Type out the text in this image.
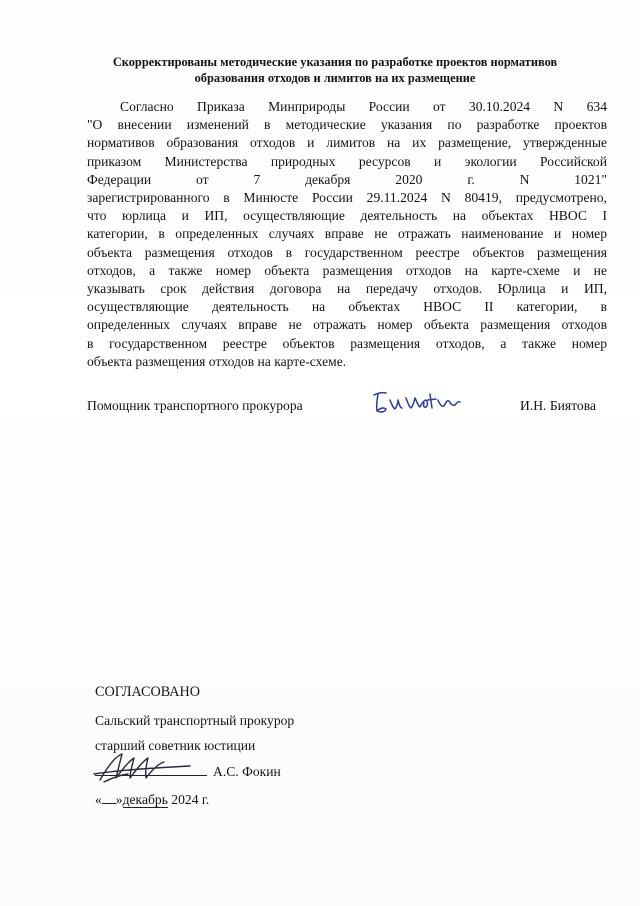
Скорректированы методические указания по разработке проектов нормативов
образования отходов и лимитов на их размещение
Согласно Приказа Минприроды России от 30.10.2024 N 634
"О внесении изменений в методические указания по разработке проектов
нормативов образования отходов и лимитов на их размещение, утвержденные
приказом Министерства природных ресурсов и экологии Российской
Федерации от 7 декабря 2020 г. N 1021"
зарегистрированного в Минюсте России 29.11.2024 N 80419, предусмотрено,
что юрлица и ИП, осуществляющие деятельность на объектах НВОС I
категории, в определенных случаях вправе не отражать наименование и номер
объекта размещения отходов в государственном реестре объектов размещения
отходов, а также номер объекта размещения отходов на карте-схеме и не
указывать срок действия договора на передачу отходов. Юрлица и ИП,
осуществляющие деятельность на объектах НВОС II категории, в
определенных случаях вправе не отражать номер объекта размещения отходов
в государственном реестре объектов размещения отходов, а также номер
объекта размещения отходов на карте-схеме.
Помощник транспортного прокурора	И.Н. Биятова
СОГЛАСОВАНО
Сальский транспортный прокурор
старший советник юстиции
А.С. Фокин
« »декабрь 2024 г.
